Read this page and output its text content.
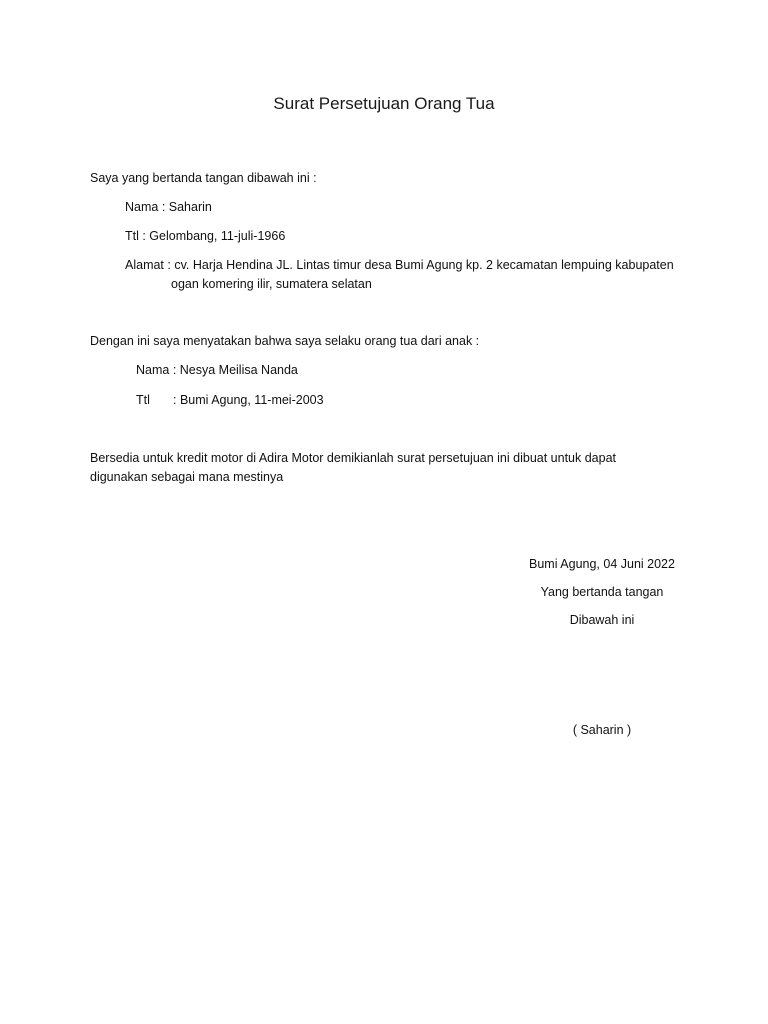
Surat Persetujuan Orang Tua
Saya yang bertanda tangan dibawah ini :
Nama : Saharin
Ttl : Gelombang, 11-juli-1966
Alamat : cv. Harja Hendina JL. Lintas timur desa Bumi Agung kp. 2 kecamatan lempuing kabupaten
ogan komering ilir, sumatera selatan
Dengan ini saya menyatakan bahwa saya selaku orang tua dari anak :
Nama : Nesya Meilisa Nanda
Ttl : Bumi Agung, 11-mei-2003
Bersedia untuk kredit motor di Adira Motor demikianlah surat persetujuan ini dibuat untuk dapat
digunakan sebagai mana mestinya
Bumi Agung, 04 Juni 2022
Yang bertanda tangan
Dibawah ini
( Saharin )
